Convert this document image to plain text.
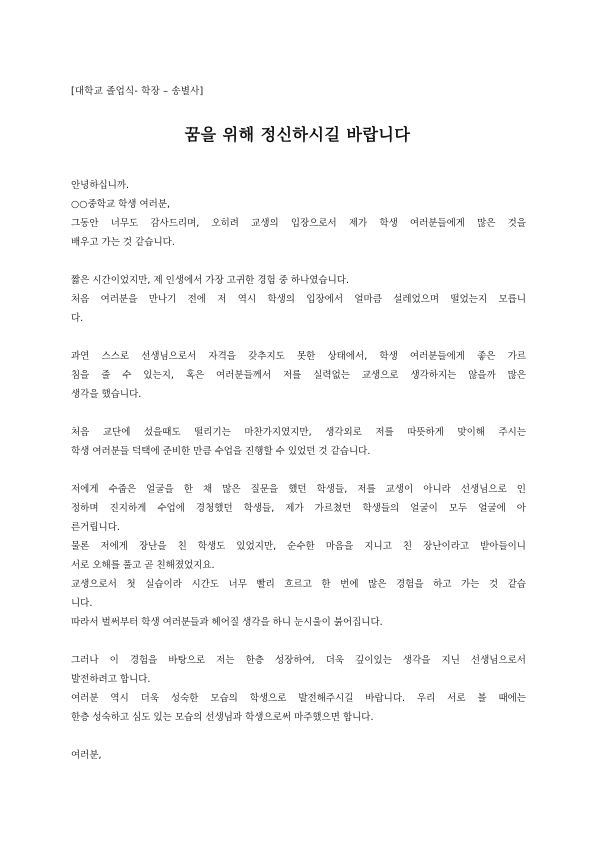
[대학교 졸업식- 학장 – 송별사]
꿈을 위해 정신하시길 바랍니다
안녕하십니까.
○○중학교 학생 여러분,
그동안 너무도 감사드리며, 오히려 교생의 입장으로서 제가 학생 여러분들에게 많은 것을
배우고 가는 것 같습니다.
짧은 시간이었지만, 제 인생에서 가장 고귀한 경험 중 하나였습니다.
처음 여러분을 만나기 전에 저 역시 학생의 입장에서 얼마큼 설레었으며 떨었는지 모릅니
다.
과연 스스로 선생님으로서 자격을 갖추지도 못한 상태에서, 학생 여러분들에게 좋은 가르
침을 줄 수 있는지, 혹은 여러분들께서 저를 실력없는 교생으로 생각하지는 않을까 많은
생각을 했습니다.
처음 교단에 섰을때도 떨리기는 마찬가지였지만, 생각외로 저를 따뜻하게 맞이해 주시는
학생 여러분들 덕택에 준비한 만큼 수업을 진행할 수 있었던 것 같습니다.
저에게 수줍은 얼굴을 한 채 많은 질문을 했던 학생들, 저를 교생이 아니라 선생님으로 인
정하며 진지하게 수업에 경청했던 학생들, 제가 가르쳤던 학생들의 얼굴이 모두 얼굴에 아
른거립니다.
물론 저에게 장난을 친 학생도 있었지만, 순수한 마음을 지니고 친 장난이라고 받아들이니
서로 오해를 풀고 곧 친해졌었지요.
교생으로서 첫 실습이라 시간도 너무 빨리 흐르고 한 번에 많은 경험을 하고 가는 것 같습
니다.
따라서 벌써부터 학생 여러분들과 헤어질 생각을 하니 눈시울이 붉어집니다.
그러나 이 경험을 바탕으로 저는 한층 성장하여, 더욱 깊이있는 생각을 지닌 선생님으로서
발전하려고 합니다.
여러분 역시 더욱 성숙한 모습의 학생으로 발전해주시길 바랍니다. 우리 서로 볼 때에는
한층 성숙하고 심도 있는 모습의 선생님과 학생으로써 마주했으면 합니다.
여러분,
